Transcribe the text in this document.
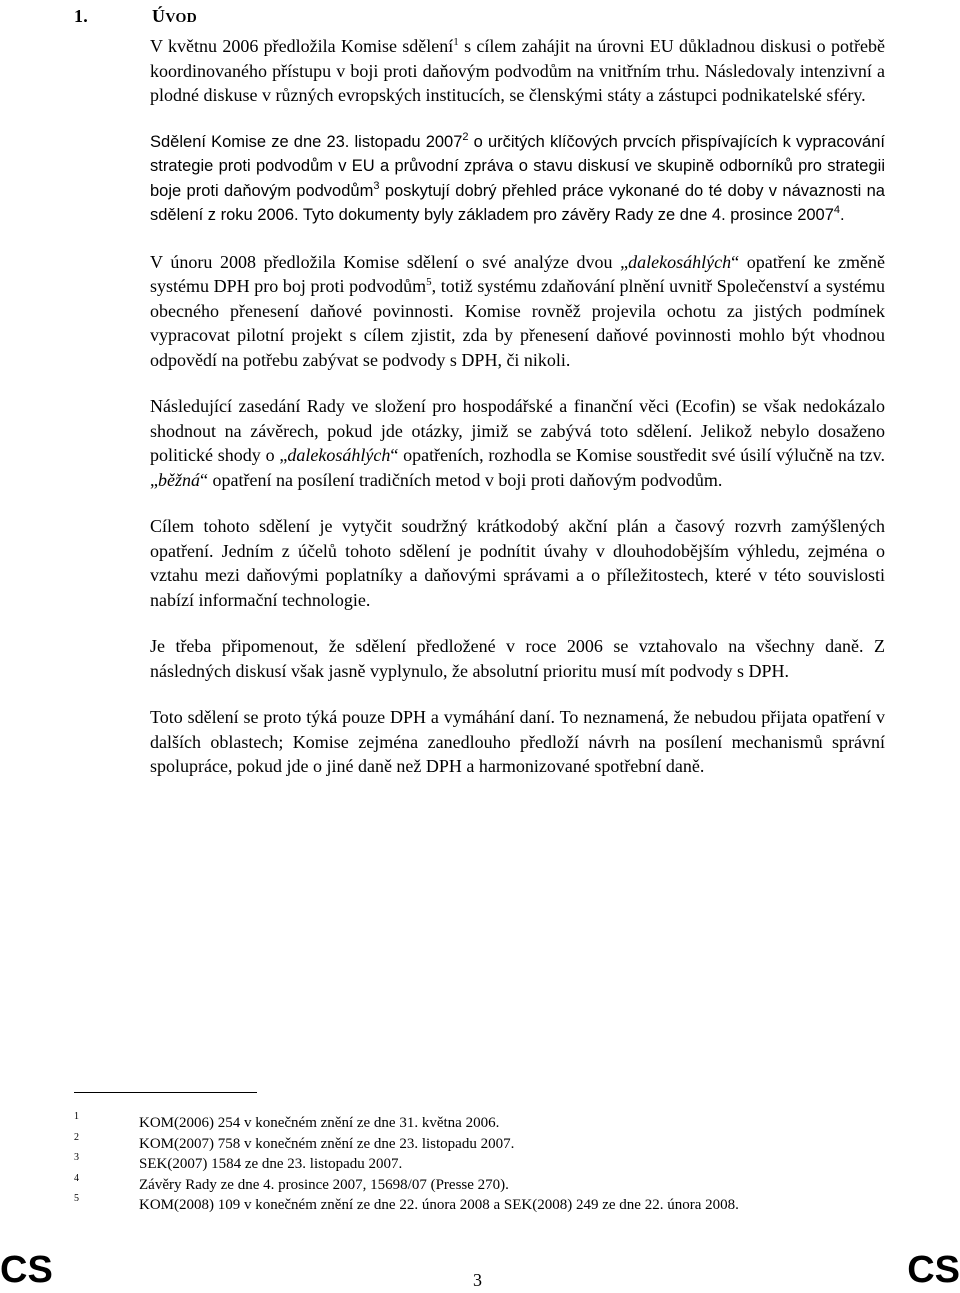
1.	ÚVOD

V květnu 2006 předložila Komise sdělení$^1$ s cílem zahájit na úrovni EU důkladnou diskusi o potřebě koordinovaného přístupu v boji proti daňovým podvodům na vnitřním trhu. Následovaly intenzivní a plodné diskuse v různých evropských institucích, se členskými státy a zástupci podnikatelské sféry.

Sdělení Komise ze dne 23. listopadu 2007$^2$ o určitých klíčových prvcích přispívajících k vypracování strategie proti podvodům v EU a průvodní zpráva o stavu diskusí ve skupině odborníků pro strategii boje proti daňovým podvodům$^3$ poskytují dobrý přehled práce vykonané do té doby v návaznosti na sdělení z roku 2006. Tyto dokumenty byly základem pro závěry Rady ze dne 4. prosince 2007$^4$.

V únoru 2008 předložila Komise sdělení o své analýze dvou „dalekosáhlých“ opatření ke změně systému DPH pro boj proti podvodům$^5$, totiž systému zdaňování plnění uvnitř Společenství a systému obecného přenesení daňové povinnosti. Komise rovněž projevila ochotu za jistých podmínek vypracovat pilotní projekt s cílem zjistit, zda by přenesení daňové povinnosti mohlo být vhodnou odpovědí na potřebu zabývat se podvody s DPH, či nikoli.

Následující zasedání Rady ve složení pro hospodářské a finanční věci (Ecofin) se však nedokázalo shodnout na závěrech, pokud jde otázky, jimiž se zabývá toto sdělení. Jelikož nebylo dosaženo politické shody o „dalekosáhlých“ opatřeních, rozhodla se Komise soustředit své úsilí výlučně na tzv. „běžná“ opatření na posílení tradičních metod v boji proti daňovým podvodům.

Cílem tohoto sdělení je vytyčit soudržný krátkodobý akční plán a časový rozvrh zamýšlených opatření. Jedním z účelů tohoto sdělení je podnítit úvahy v dlouhodobějším výhledu, zejména o vztahu mezi daňovými poplatníky a daňovými správami a o příležitostech, které v této souvislosti nabízí informační technologie.

Je třeba připomenout, že sdělení předložené v roce 2006 se vztahovalo na všechny daně. Z následných diskusí však jasně vyplynulo, že absolutní prioritu musí mít podvody s DPH.

Toto sdělení se proto týká pouze DPH a vymáhání daní. To neznamená, že nebudou přijata opatření v dalších oblastech; Komise zejména zanedlouho předloží návrh na posílení mechanismů správní spolupráce, pokud jde o jiné daně než DPH a harmonizované spotřební daně.

1	KOM(2006) 254 v konečném znění ze dne 31. května 2006.
2	KOM(2007) 758 v konečném znění ze dne 23. listopadu 2007.
3	SEK(2007) 1584 ze dne 23. listopadu 2007.
4	Závěry Rady ze dne 4. prosince 2007, 15698/07 (Presse 270).
5	KOM(2008) 109 v konečném znění ze dne 22. února 2008 a SEK(2008) 249 ze dne 22. února 2008.
CS	3	CS
